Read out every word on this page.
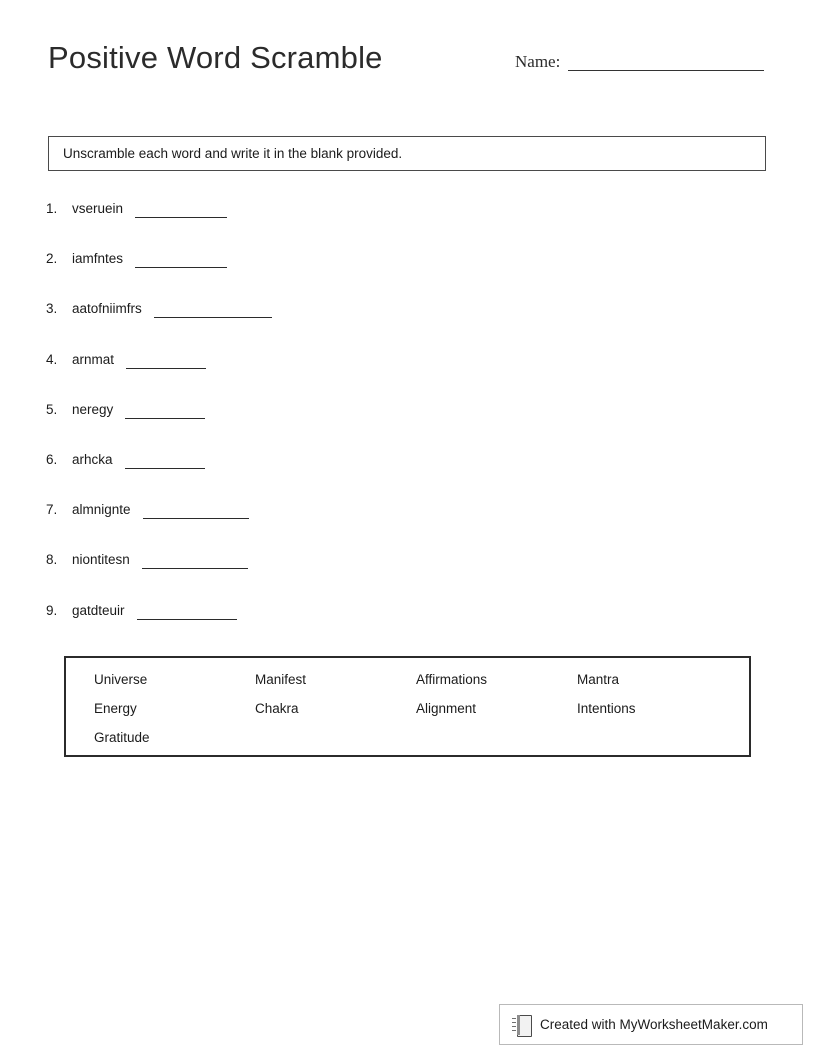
Positive Word Scramble	Name:
Unscramble each word and write it in the blank provided.
1.	vseruein
2.	iamfntes
3.	aatofniimfrs
4.	arnmat
5.	neregy
6.	arhcka
7.	almnignte
8.	niontitesn
9.	gatdteuir
Universe	Manifest	Affirmations	Mantra
Energy	Chakra	Alignment	Intentions
Gratitude
Created with MyWorksheetMaker.com
